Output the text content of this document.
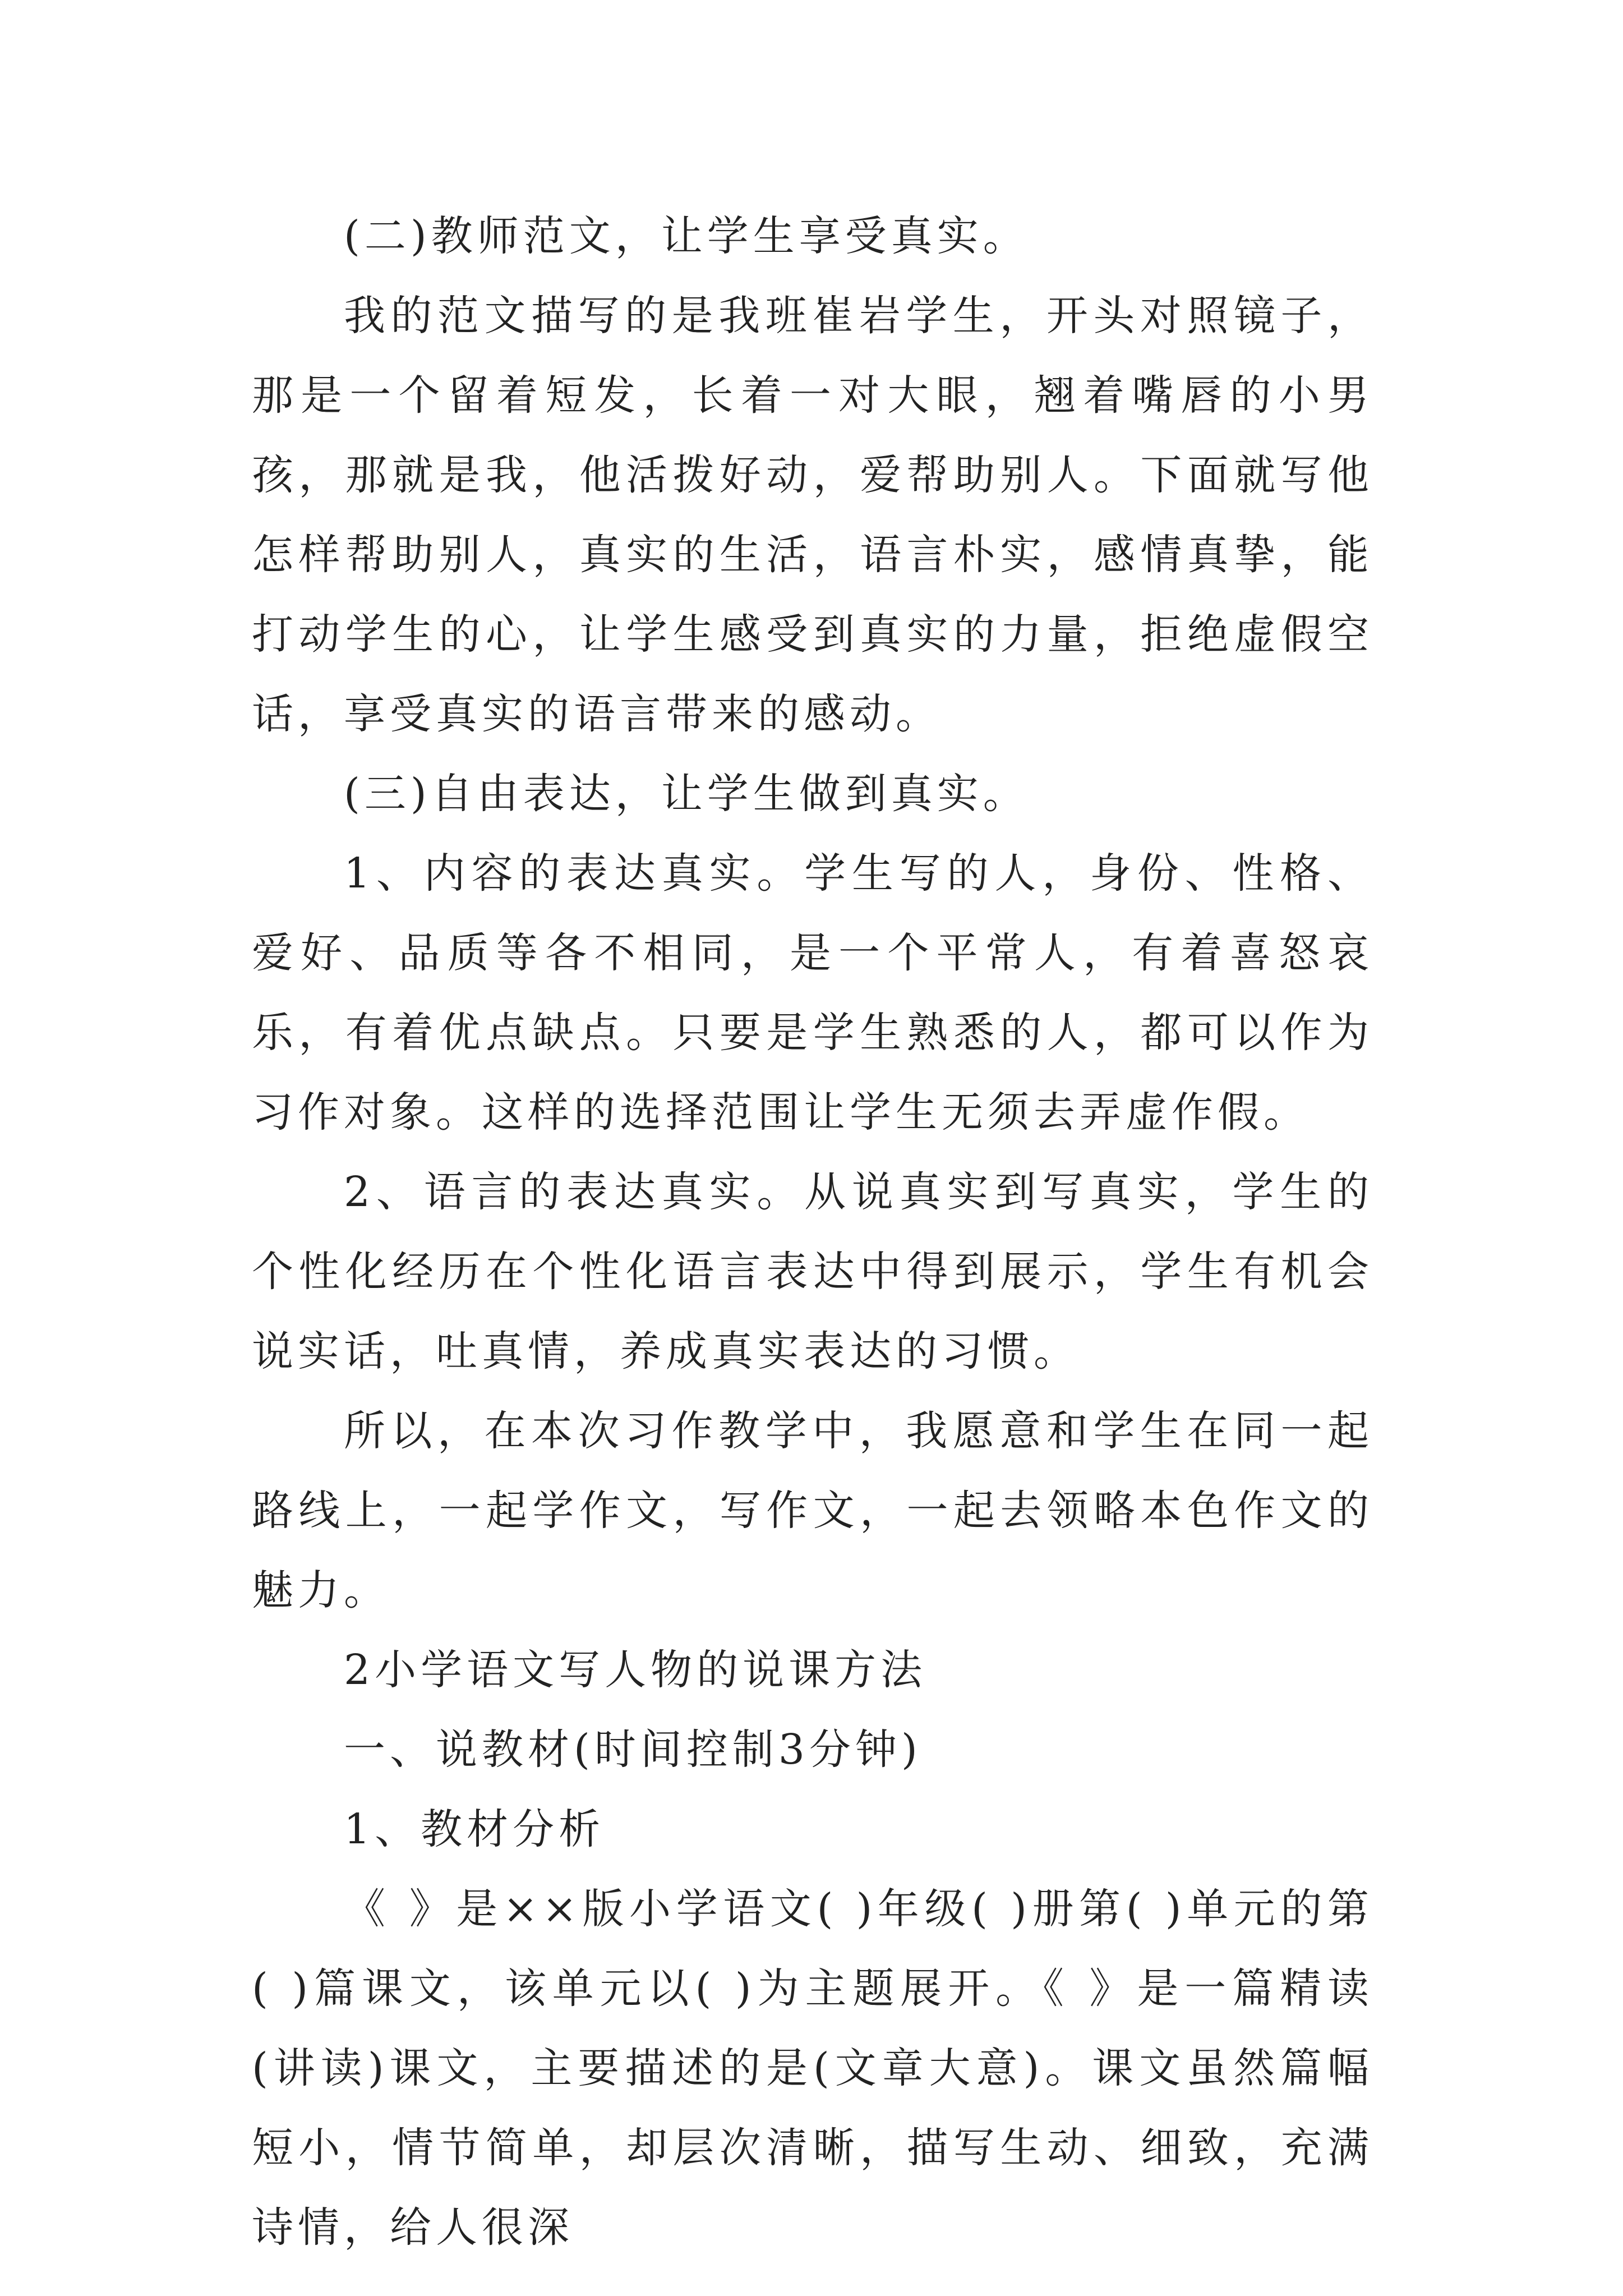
(二)教师范文，让学生享受真实。

我的范文描写的是我班崔岩学生，开头对照镜子，那是一个留着短发，长着一对大眼，翘着嘴唇的小男孩，那就是我，他活拨好动，爱帮助别人。下面就写他怎样帮助别人，真实的生活，语言朴实，感情真挚，能打动学生的心，让学生感受到真实的力量，拒绝虚假空话，享受真实的语言带来的感动。

(三)自由表达，让学生做到真实。

1、内容的表达真实。学生写的人，身份、性格、爱好、品质等各不相同，是一个平常人，有着喜怒哀乐，有着优点缺点。只要是学生熟悉的人，都可以作为习作对象。这样的选择范围让学生无须去弄虚作假。

2、语言的表达真实。从说真实到写真实，学生的个性化经历在个性化语言表达中得到展示，学生有机会说实话，吐真情，养成真实表达的习惯。

所以，在本次习作教学中，我愿意和学生在同一起路线上，一起学作文，写作文，一起去领略本色作文的魅力。

2小学语文写人物的说课方法

一、说教材(时间控制3分钟)

1、教材分析

《 》是××版小学语文( )年级( )册第( )单元的第( )篇课文，该单元以( )为主题展开。《 》是一篇精读(讲读)课文，主要描述的是(文章大意)。课文虽然篇幅短小，情节简单，却层次清晰，描写生动、细致，充满诗情，给人很深
